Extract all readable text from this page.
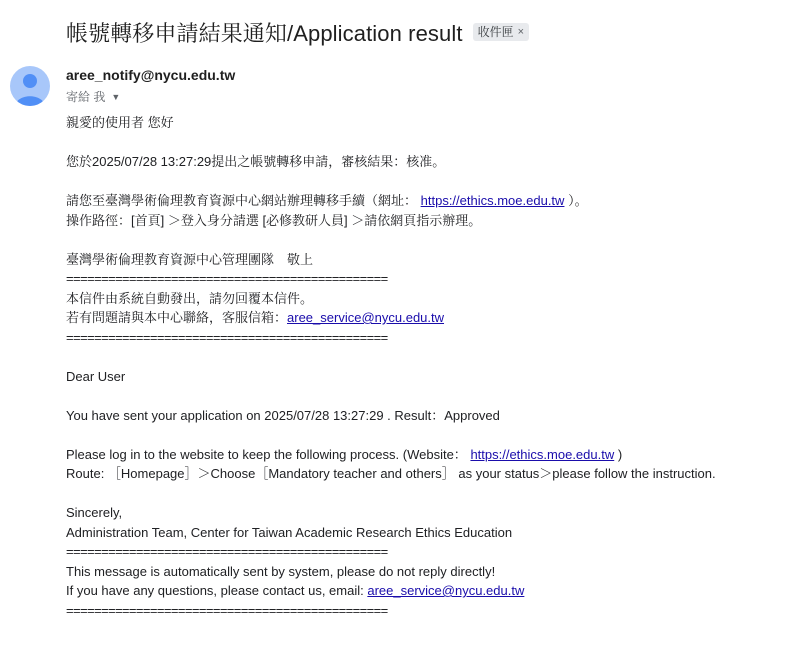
帳號轉移申請結果通知/Application result 收件匣 ×
aree_notify@nycu.edu.tw
寄給 我 ▼

親愛的使用者 您好

您於2025/07/28 13:27:29提出之帳號轉移申請，審核結果：核准。

請您至臺灣學術倫理教育資源中心網站辦理轉移手續（網址： https://ethics.moe.edu.tw ）。

操作路徑：[首頁] ＞登入身分請選 [必修教研人員] ＞請依網頁指示辦理。

臺灣學術倫理教育資源中心管理團隊　敬上

==============================================

本信件由系統自動發出，請勿回覆本信件。

若有問題請與本中心聯絡，客服信箱：aree_service@nycu.edu.tw

==============================================

Dear User

You have sent your application on 2025/07/28 13:27:29 . Result：Approved

Please log in to the website to keep the following process. (Website： https://ethics.moe.edu.tw )

Route: ［Homepage］＞Choose［Mandatory teacher and others］ as your status＞please follow the instruction.

Sincerely,

Administration Team, Center for Taiwan Academic Research Ethics Education

==============================================

This message is automatically sent by system, please do not reply directly!

If you have any questions, please contact us, email: aree_service@nycu.edu.tw

==============================================
